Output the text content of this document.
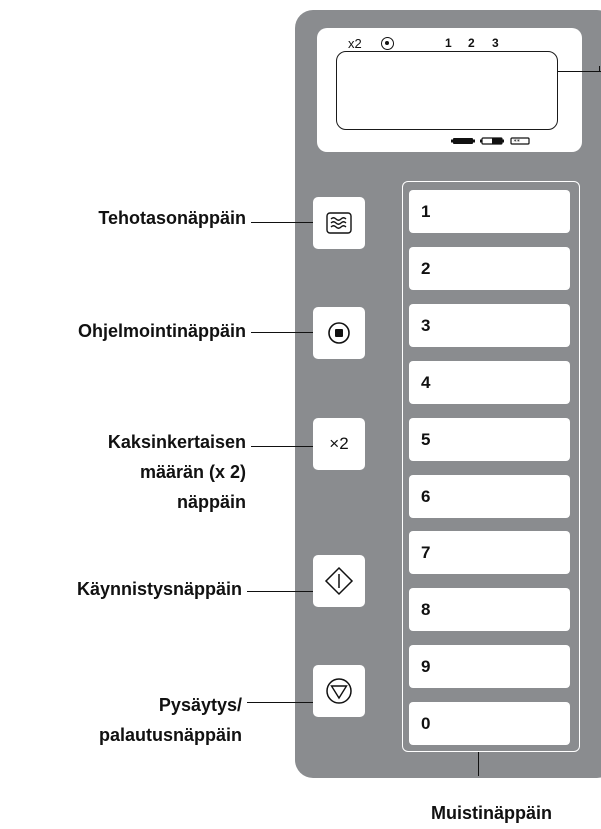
x2	1 2 3
**
×2
1
2
3
4
5
6
7
8
9
0
Muistinäppäin
Tehotasonäppäin
Ohjelmointinäppäin
Kaksinkertaisen
määrän (x 2)
näppäin
Käynnistysnäppäin
Pysäytys/
palautusnäppäin
